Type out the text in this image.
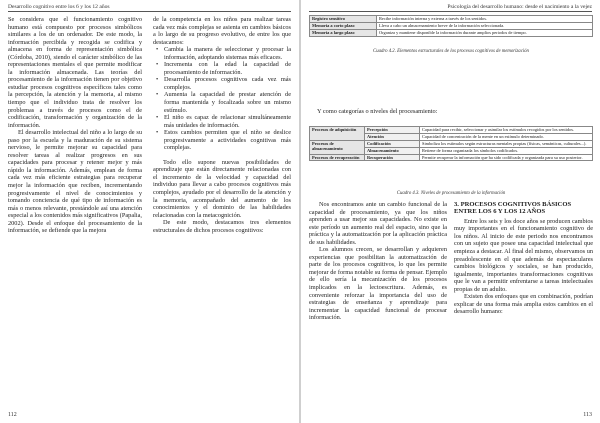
Desarrollo cognitivo entre los 6 y los 12 años

Se considera que el funcionamiento cognitivo humano está compuesto por procesos simbólicos similares a los de un ordenador. De este modo, la información percibida y recogida se codifica y almacena en forma de representación simbólica (Córdoba, 2010), siendo el carácter simbólico de las representaciones mentales el que permite modificar la información almacenada. Las teorías del procesamiento de la información tienen por objetivo estudiar procesos cognitivos específicos tales como la percepción, la atención y la memoria, al mismo tiempo que el individuo trata de resolver los problemas a través de procesos como el de codificación, transformación y organización de la información.

El desarrollo intelectual del niño a lo largo de su paso por la escuela y la maduración de su sistema nervioso, le permite mejorar su capacidad para resolver tareas al realizar progresos en sus capacidades para procesar y retener mejor y más rápido la información. Además, emplean de forma cada vez más eficiente estrategias para recuperar mejor la información que reciben, incrementando progresivamente el nivel de conocimientos y tomando conciencia de qué tipo de información es más o menos relevante, prestándole así una atención especial a los contenidos más significativos (Papalia, 2002). Desde el enfoque del procesamiento de la información, se defiende que la mejora

de la competencia en los niños para realizar tareas cada vez más complejas se asienta en cambios básicos a lo largo de su progreso evolutivo, de entre los que destacamos:

• Cambia la manera de seleccionar y procesar la información, adoptando sistemas más eficaces.
• Incrementa con la edad la capacidad de procesamiento de información.
• Desarrolla procesos cognitivos cada vez más complejos.
• Aumenta la capacidad de prestar atención de forma mantenida y focalizada sobre un mismo estímulo.
• El niño es capaz de relacionar simultáneamente más unidades de información.
• Estos cambios permiten que el niño se deslice progresivamente a actividades cognitivas más complejas.

Todo ello supone nuevas posibilidades de aprendizaje que están directamente relacionadas con el incremento de la velocidad y capacidad del individuo para llevar a cabo procesos cognitivos más complejos, ayudado por el desarrollo de la atención y la memoria, acompañado del aumento de los conocimientos y el dominio de las habilidades relacionadas con la metacognición.

De este modo, destacamos tres elementos estructurales de dichos procesos cognitivos:

112
Psicología del desarrollo humano: desde el nacimiento a la vejez
Registro sensitivo	Recibe información interna y externa a través de los sentidos.
Memoria a corto plazo	Lleva a cabo un almacenamiento breve de la información seleccionada.
Memoria a largo plazo	Organiza y mantiene disponible la información durante amplios periodos de tiempo.
Cuadro 4.2. Elementos estructurales de los procesos cognitivos de memorización
Y como categorías o niveles del procesamiento:
Procesos de adquisición	Percepción	Capacidad para recibir, seleccionar y asimilar los estímulos recogidos por los sentidos.
	Atención	Capacidad de concentración de la mente en un estímulo determinado.
Procesos de almacenamiento	Codificación	Simboliza los estímulos según estructuras mentales propias (físicas, semánticas, culturales...).
	Almacenamiento	Retiene de forma organizada los símbolos codificados.
Procesos de recuperación	Recuperación	Permite recuperar la información que ha sido codificada y organizada para su uso posterior.
Cuadro 4.3. Niveles de procesamiento de la información

Nos encontramos ante un cambio funcional de la capacidad de procesamiento, ya que los niños aprenden a usar mejor sus capacidades. No existe en este período un aumento real del espacio, sino que la práctica y la automatización por la aplicación práctica de sus habilidades.

Los alumnos crecen, se desarrollan y adquieren experiencias que posibilitan la automatización de parte de los procesos cognitivos, lo que les permite mejorar de forma notable su forma de pensar. Ejemplo de ello sería la mecanización de los procesos implicados en la lectoescritura. Además, es conveniente reforzar la importancia del uso de estrategias de enseñanza y aprendizaje para incrementar la capacidad funcional de procesar información.

3. PROCESOS COGNITIVOS BÁSICOS ENTRE LOS 6 Y LOS 12 AÑOS

Entre los seis y los doce años se producen cambios muy importantes en el funcionamiento cognitivo de los niños. Al inicio de este periodo nos encontramos con un sujeto que posee una capacidad intelectual que empieza a destacar. Al final del mismo, observamos un preadolescente en el que además de espectaculares cambios biológicos y sociales, se han producido, igualmente, importantes transformaciones cognitivas que le van a permitir enfrentarse a tareas intelectuales propias de un adulto.

Existen dos enfoques que en combinación, podrían explicar de una forma más amplia estos cambios en el desarrollo humano:

113
